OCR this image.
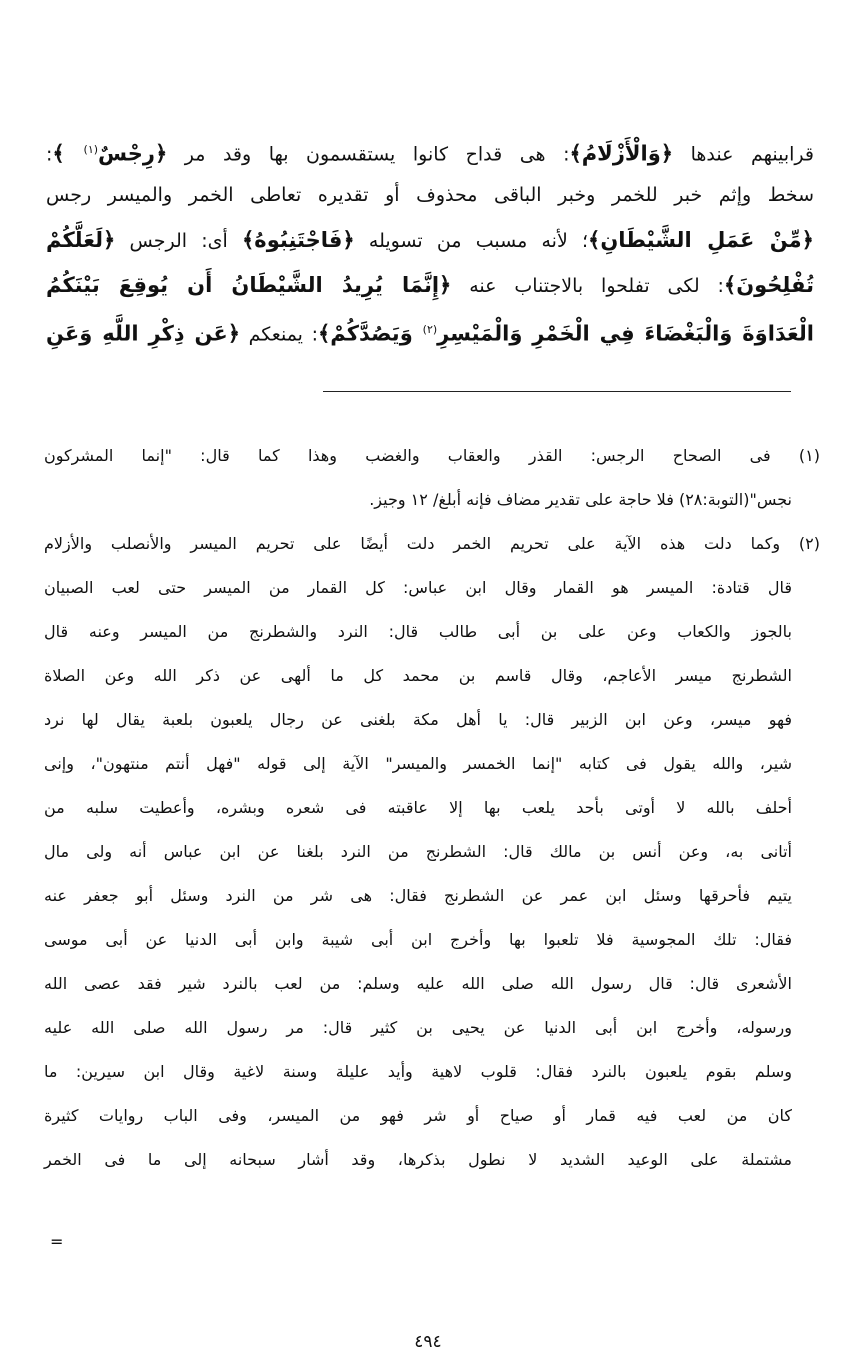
قرابينهم عندها ﴿وَالْأَزْلَامُ﴾: هى قداح كانوا يستقسمون بها وقد مر ﴿رِجْسٌ$^{(١)}$ ﴾:
سخط وإثم خبر للخمر وخبر الباقى محذوف أو تقديره تعاطى الخمر والميسر رجس
﴿مِّنْ عَمَلِ الشَّيْطَانِ﴾؛ لأنه مسبب من تسويله ﴿فَاجْتَنِبُوهُ﴾ أى: الرجس ﴿لَعَلَّكُمْ
تُفْلِحُونَ﴾: لكى تفلحوا بالاجتناب عنه ﴿إِنَّمَا يُرِيدُ الشَّيْطَانُ أَن يُوقِعَ بَيْنَكُمُ
الْعَدَاوَةَ وَالْبَغْضَاءَ فِي الْخَمْرِ وَالْمَيْسِرِ$^{(٢)}$ وَيَصُدَّكُمْ﴾: يمنعكم ﴿عَن ذِكْرِ اللَّهِ وَعَنِ
(١) فى الصحاح الرجس: القذر والعقاب والغضب وهذا كما قال: "إنما المشركون
نجس"(التوبة:٢٨) فلا حاجة على تقدير مضاف فإنه أبلغ/ ١٢ وجيز.
(٢) وكما دلت هذه الآية على تحريم الخمر دلت أيضًا على تحريم الميسر والأنصلب والأزلام
قال قتادة: الميسر هو القمار وقال ابن عباس: كل القمار من الميسر حتى لعب الصبيان
بالجوز والكعاب وعن على بن أبى طالب قال: النرد والشطرنج من الميسر وعنه قال
الشطرنج ميسر الأعاجم، وقال قاسم بن محمد كل ما ألهى عن ذكر الله وعن الصلاة
فهو ميسر، وعن ابن الزبير قال: يا أهل مكة بلغنى عن رجال يلعبون بلعبة يقال لها نرد
شير، والله يقول فى كتابه "إنما الخمسر والميسر" الآية إلى قوله "فهل أنتم منتهون"، وإنى
أحلف بالله لا أوتى بأحد يلعب بها إلا عاقبته فى شعره وبشره، وأعطيت سلبه من
أتانى به، وعن أنس بن مالك قال: الشطرنج من النرد بلغنا عن ابن عباس أنه ولى مال
يتيم فأحرقها وسئل ابن عمر عن الشطرنج فقال: هى شر من النرد وسئل أبو جعفر عنه
فقال: تلك المجوسية فلا تلعبوا بها وأخرج ابن أبى شيبة وابن أبى الدنيا عن أبى موسى
الأشعرى قال: قال رسول الله صلى الله عليه وسلم: من لعب بالنرد شير فقد عصى الله
ورسوله، وأخرج ابن أبى الدنيا عن يحيى بن كثير قال: مر رسول الله صلى الله عليه
وسلم بقوم يلعبون بالنرد فقال: قلوب لاهية وأيد عليلة وسنة لاغية وقال ابن سيرين: ما
كان من لعب فيه قمار أو صياح أو شر فهو من الميسر، وفى الباب روايات كثيرة
مشتملة على الوعيد الشديد لا نطول بذكرها، وقد أشار سبحانه إلى ما فى الخمر
=
٤٩٤
